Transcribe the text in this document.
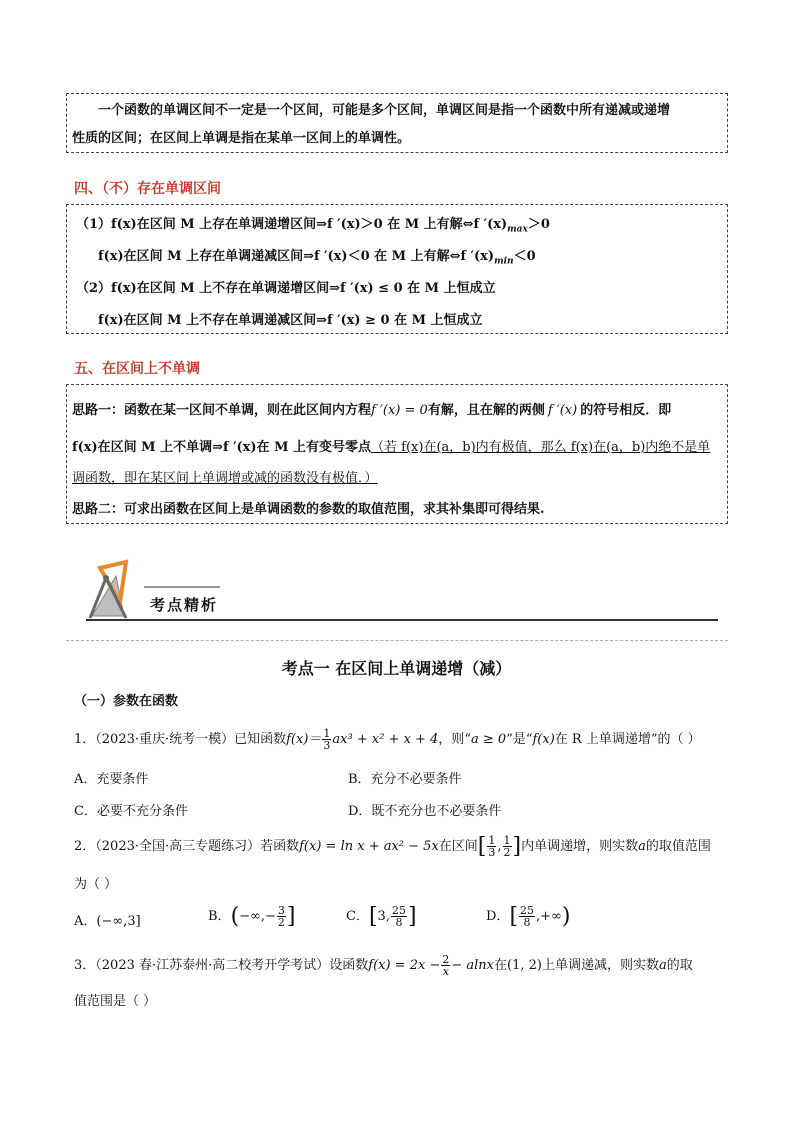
一个函数的单调区间不一定是一个区间，可能是多个区间，单调区间是指一个函数中所有递减或递增
性质的区间；在区间上单调是指在某单一区间上的单调性。
四、（不）存在单调区间
（1）f(x)在区间 M 上存在单调递增区间⇒f ′(x)＞0 在 M 上有解⇔f $'(x)_{max}>0$
f(x)在区间 M 上存在单调递减区间⇒f ′(x)＜0 在 M 上有解⇔f $'(x)_{min}<0$
（2）f(x)在区间 M 上不存在单调递增区间⇒f ′(x) ≤ 0 在 M 上恒成立
f(x)在区间 M 上不存在单调递减区间⇒f ′(x) ≥ 0 在 M 上恒成立
五、在区间上不单调
思路一：函数在某一区间不单调，则在此区间内方程f ′(x) = 0有解，且在解的两侧 f ′(x) 的符号相反．即
f(x)在区间 M 上不单调⇒f ′(x)在 M 上有变号零点（若 f(x)在(a，b)内有极值，那么 f(x)在(a，b)内绝不是单
调函数，即在某区间上单调增或减的函数没有极值．）
思路二：可求出函数在区间上是单调函数的参数的取值范围，求其补集即可得结果.
考点精析
考点一 在区间上单调递增（减）
（一）参数在函数
1．（2023·重庆·统考一模）已知函数$f(x)= \frac{1}{3} ax^3 + x^2 + x + 4$，则“a ≥ 0”是“f(x)在 R 上单调递增”的（ ）
A．充要条件	B．充分不必要条件
C．必要不充分条件	D．既不充分也不必要条件
2．（2023·全国·高三专题练习）若函数f(x) = ln x + ax² − 5x在区间[ $\frac{1}{3}$ , $\frac{1}{2}$ ]内单调递增，则实数a的取值范围
为（ ）
A．(−∞,3]	B．(−∞,− $\frac{3}{2}$ ]	C．[3, $\frac{25}{8}$ ]	D．[ $\frac{25}{8}$ ,+∞)
3．（2023 春·江苏泰州·高二校考开学考试）设函数$f(x) = 2x - \frac{2}{x} - alnx$在(1, 2)上单调递减，则实数a的取
值范围是（ ）
